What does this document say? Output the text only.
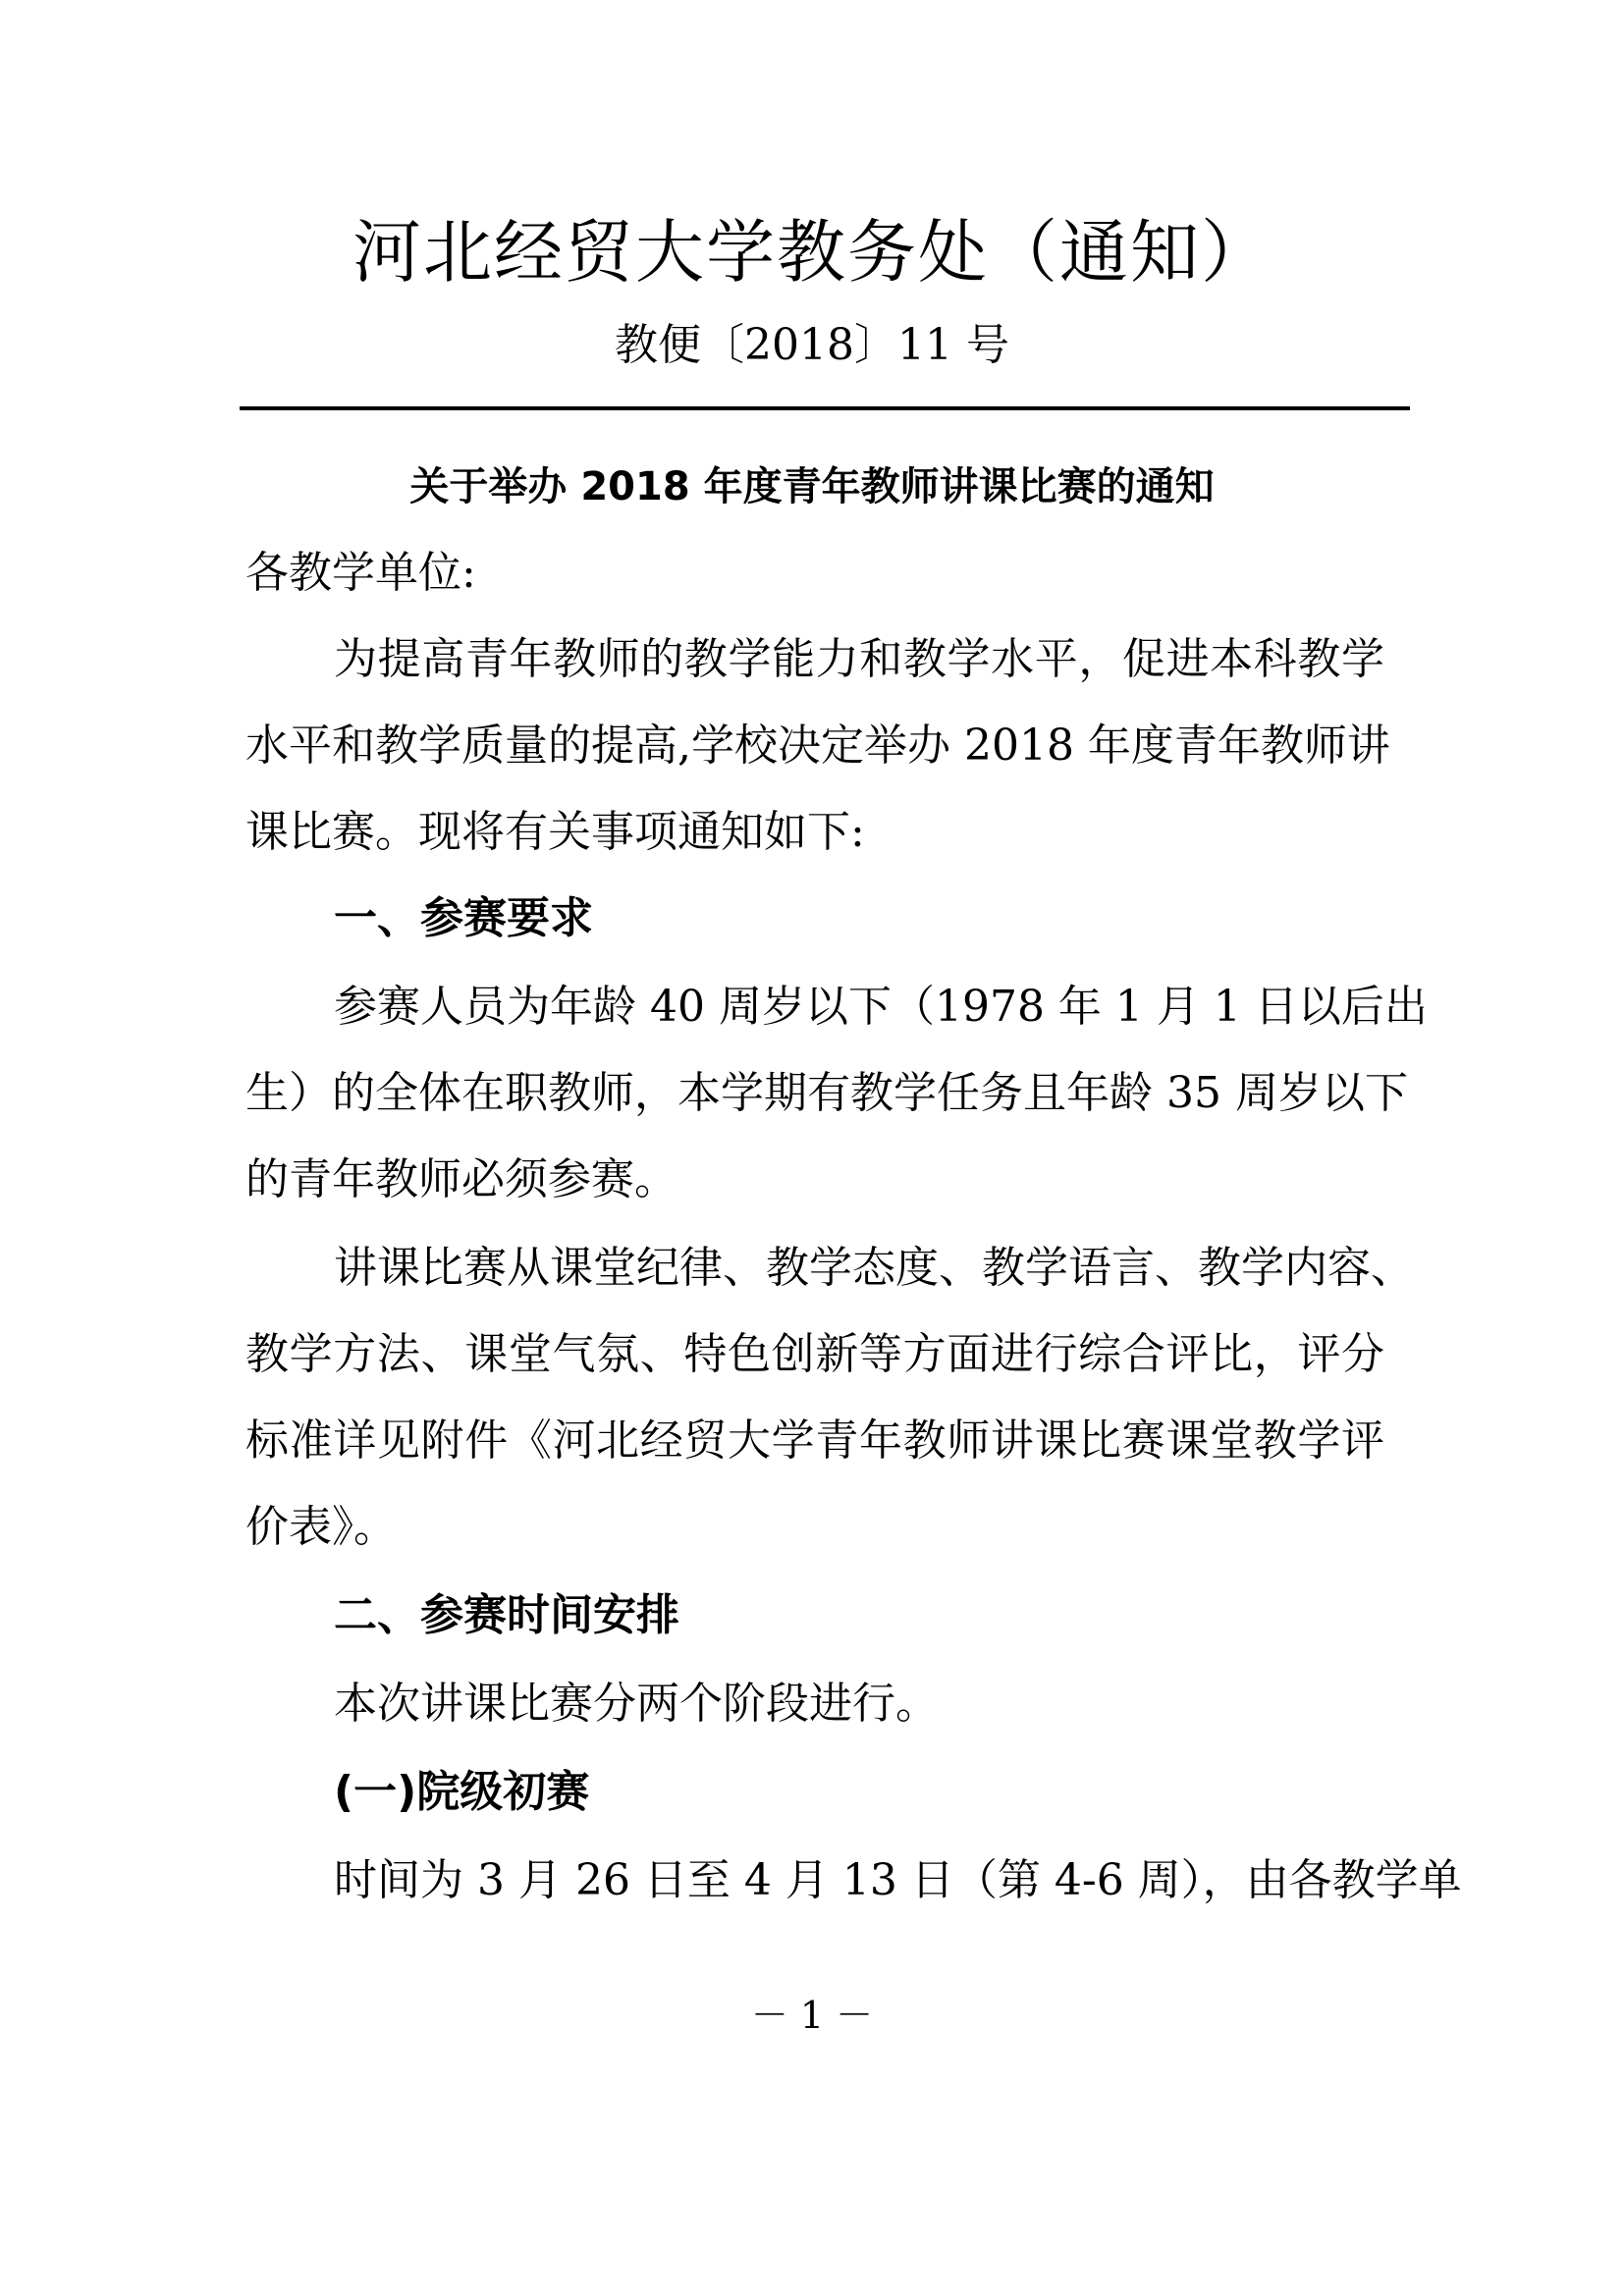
河北经贸大学教务处（通知）
教便〔2018〕11 号
关于举办 2018 年度青年教师讲课比赛的通知
各教学单位:
为提高青年教师的教学能力和教学水平，促进本科教学
水平和教学质量的提高,学校决定举办 2018 年度青年教师讲
课比赛。现将有关事项通知如下:
一、参赛要求
参赛人员为年龄 40 周岁以下（1978 年 1 月 1 日以后出
生）的全体在职教师，本学期有教学任务且年龄 35 周岁以下
的青年教师必须参赛。
讲课比赛从课堂纪律、教学态度、教学语言、教学内容、
教学方法、课堂气氛、特色创新等方面进行综合评比，评分
标准详见附件《河北经贸大学青年教师讲课比赛课堂教学评
价表》。
二、参赛时间安排
本次讲课比赛分两个阶段进行。
(一)院级初赛
时间为 3 月 26 日至 4 月 13 日（第 4-6 周），由各教学单
－ 1 －
